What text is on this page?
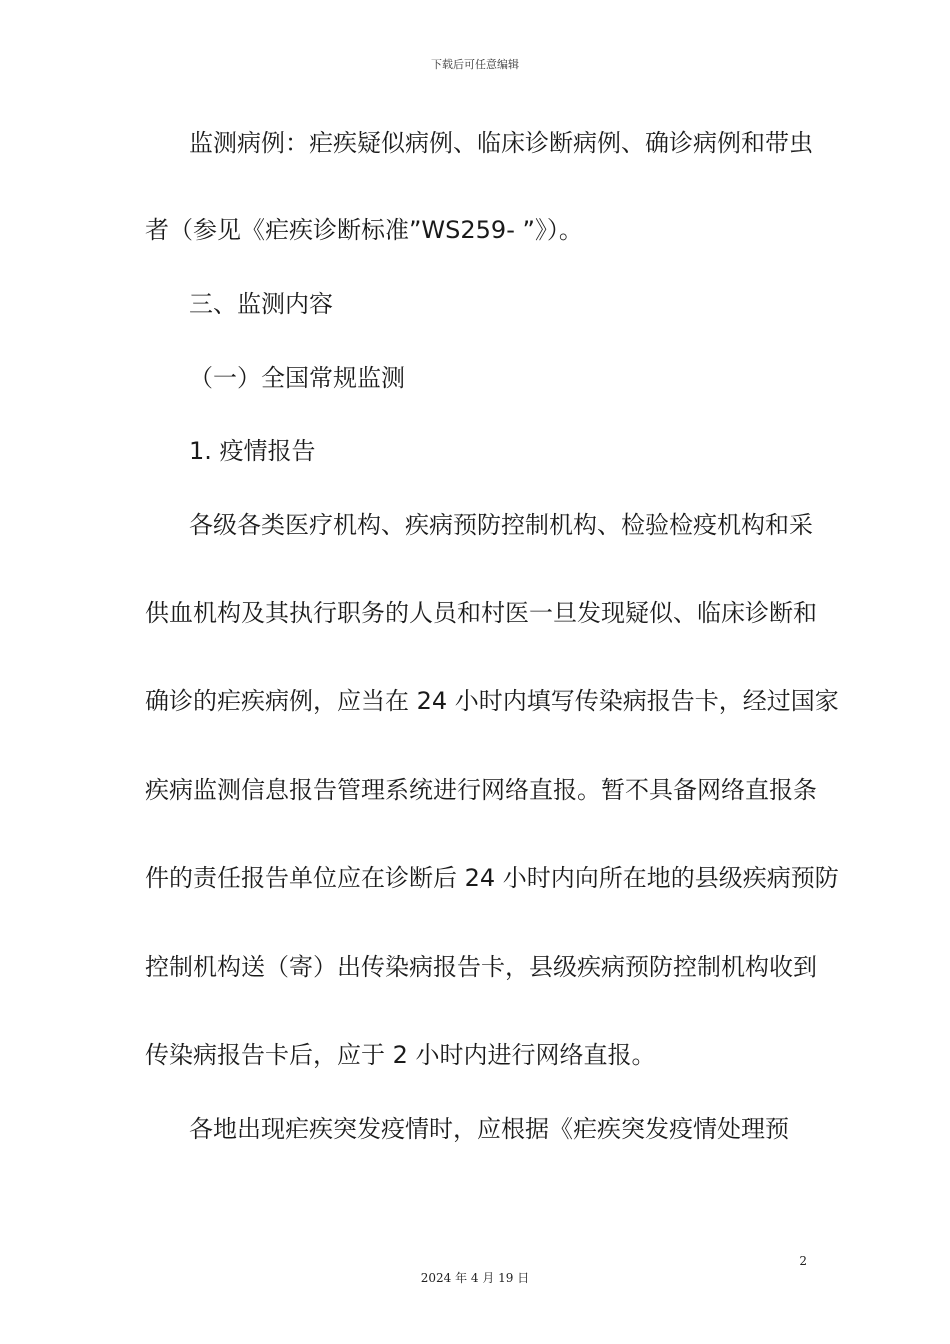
下载后可任意编辑
监测病例：疟疾疑似病例、临床诊断病例、确诊病例和带虫
者（参见《疟疾诊断标准”WS259- ”》）。
三、监测内容
（一）全国常规监测
1. 疫情报告
各级各类医疗机构、疾病预防控制机构、检验检疫机构和采
供血机构及其执行职务的人员和村医一旦发现疑似、临床诊断和
确诊的疟疾病例，应当在 24 小时内填写传染病报告卡，经过国家
疾病监测信息报告管理系统进行网络直报。暂不具备网络直报条
件的责任报告单位应在诊断后 24 小时内向所在地的县级疾病预防
控制机构送（寄）出传染病报告卡，县级疾病预防控制机构收到
传染病报告卡后，应于 2 小时内进行网络直报。
各地出现疟疾突发疫情时，应根据《疟疾突发疫情处理预
2
2024 年 4 月 19 日
